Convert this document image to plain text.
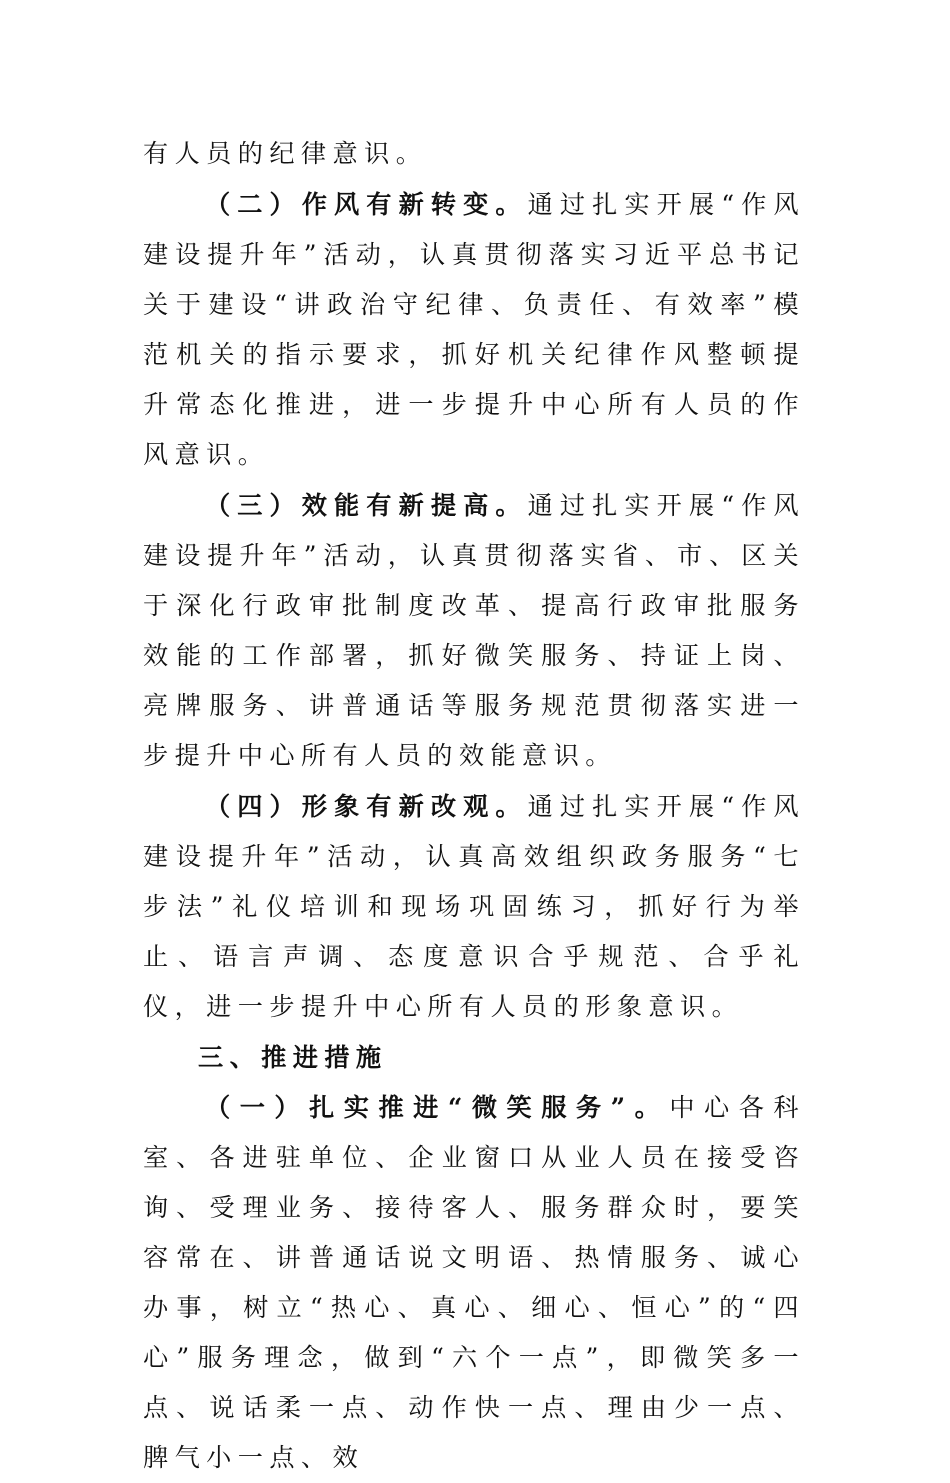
有人员的纪律意识。

（二）作风有新转变。通过扎实开展“作风建设提升年”活动，认真贯彻落实习近平总书记关于建设“讲政治守纪律、负责任、有效率”模范机关的指示要求，抓好机关纪律作风整顿提升常态化推进，进一步提升中心所有人员的作风意识。

（三）效能有新提高。通过扎实开展“作风建设提升年”活动，认真贯彻落实省、市、区关于深化行政审批制度改革、提高行政审批服务效能的工作部署，抓好微笑服务、持证上岗、亮牌服务、讲普通话等服务规范贯彻落实进一步提升中心所有人员的效能意识。

（四）形象有新改观。通过扎实开展“作风建设提升年”活动，认真高效组织政务服务“七步法”礼仪培训和现场巩固练习，抓好行为举止、语言声调、态度意识合乎规范、合乎礼仪，进一步提升中心所有人员的形象意识。

三、推进措施

（一）扎实推进“微笑服务”。中心各科室、各进驻单位、企业窗口从业人员在接受咨询、受理业务、接待客人、服务群众时，要笑容常在、讲普通话说文明语、热情服务、诚心办事，树立“热心、真心、细心、恒心”的“四心”服务理念，做到“六个一点”，即微笑多一点、说话柔一点、动作快一点、理由少一点、脾气小一点、效
